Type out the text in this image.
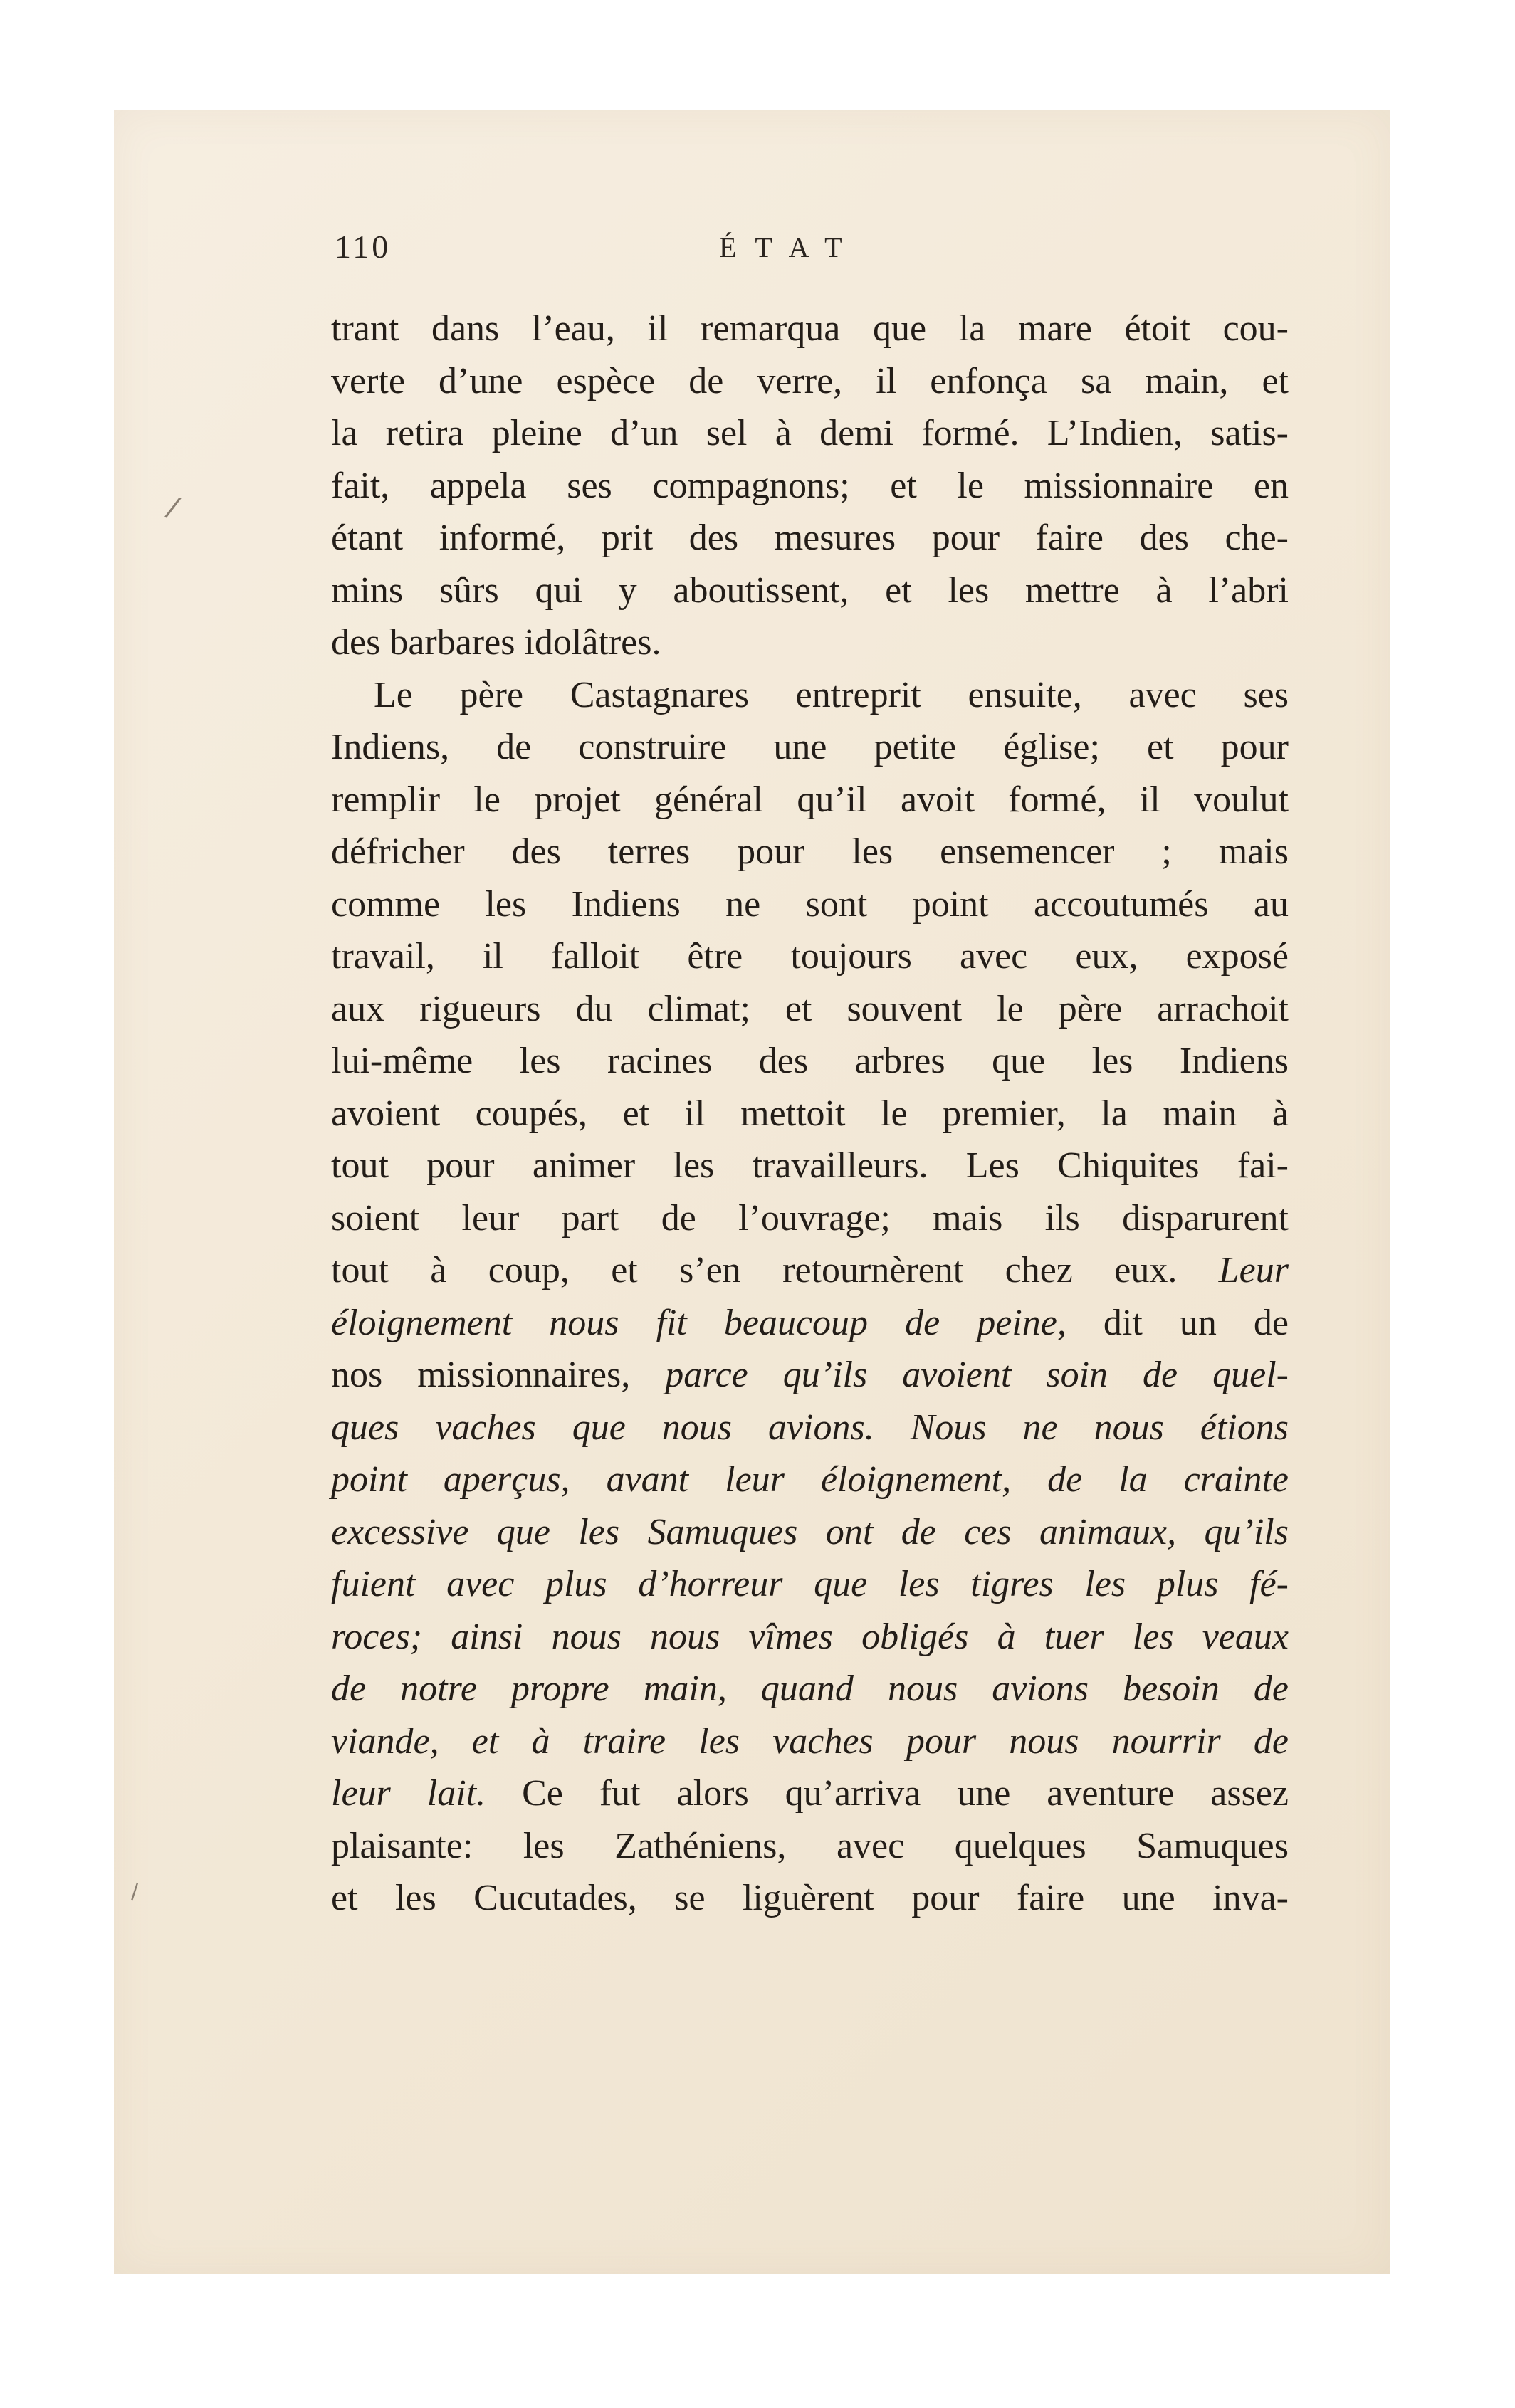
110	ÉTAT
trant dans l’eau, il remarqua que la mare étoit cou-
verte d’une espèce de verre, il enfonça sa main, et
la retira pleine d’un sel à demi formé. L’Indien, satis-
fait, appela ses compagnons; et le missionnaire en
étant informé, prit des mesures pour faire des che-
mins sûrs qui y aboutissent, et les mettre à l’abri
des barbares idolâtres.
Le père Castagnares entreprit ensuite, avec ses
Indiens, de construire une petite église; et pour
remplir le projet général qu’il avoit formé, il voulut
défricher des terres pour les ensemencer ; mais
comme les Indiens ne sont point accoutumés au
travail, il falloit être toujours avec eux, exposé
aux rigueurs du climat; et souvent le père arrachoit
lui-même les racines des arbres que les Indiens
avoient coupés, et il mettoit le premier, la main à
tout pour animer les travailleurs. Les Chiquites fai-
soient leur part de l’ouvrage; mais ils disparurent
tout à coup, et s’en retournèrent chez eux. Leur
éloignement nous fit beaucoup de peine, dit un de
nos missionnaires, parce qu’ils avoient soin de quel-
ques vaches que nous avions. Nous ne nous étions
point aperçus, avant leur éloignement, de la crainte
excessive que les Samuques ont de ces animaux, qu’ils
fuient avec plus d’horreur que les tigres les plus fé-
roces; ainsi nous nous vîmes obligés à tuer les veaux
de notre propre main, quand nous avions besoin de
viande, et à traire les vaches pour nous nourrir de
leur lait. Ce fut alors qu’arriva une aventure assez
plaisante: les Zathéniens, avec quelques Samuques
et les Cucutades, se liguèrent pour faire une inva-
/
\
